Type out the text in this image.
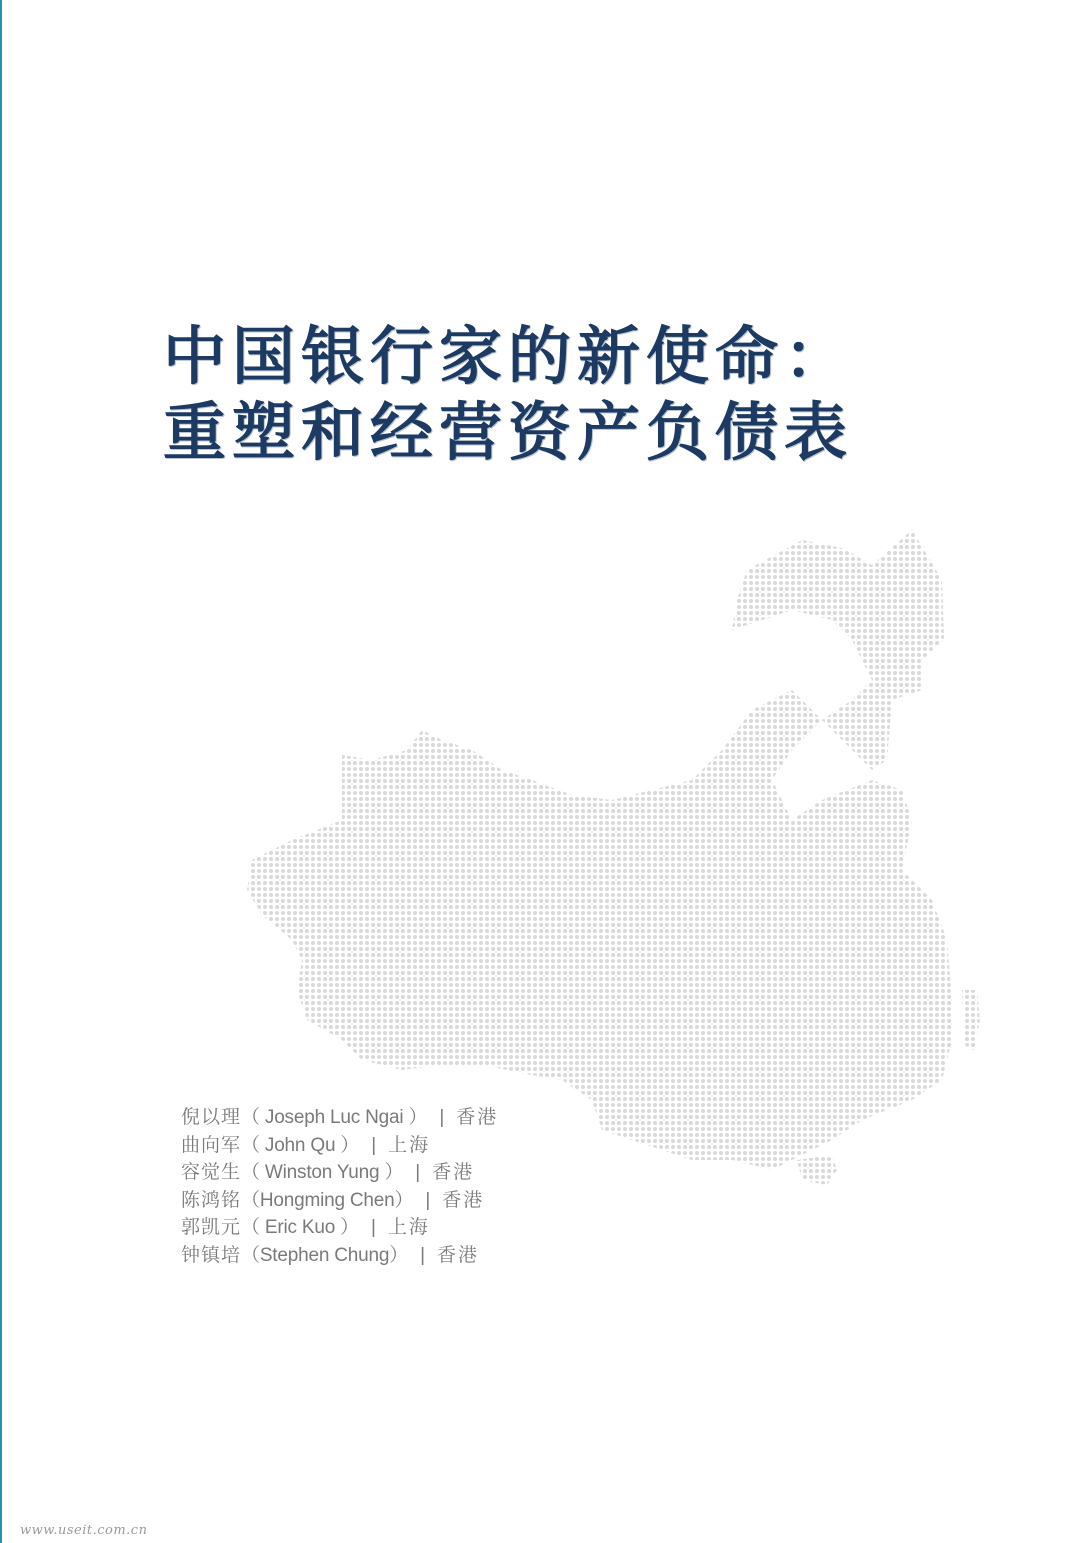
中国银行家的新使命：
重塑和经营资产负债表
倪以理（ Joseph Luc Ngai ） | 香港
曲向军（ John Qu ） | 上海
容觉生（ Winston Yung ） | 香港
陈鸿铭（Hongming Chen） | 香港
郭凯元（ Eric Kuo ） | 上海
钟镇培（Stephen Chung） | 香港
www.useit.com.cn
